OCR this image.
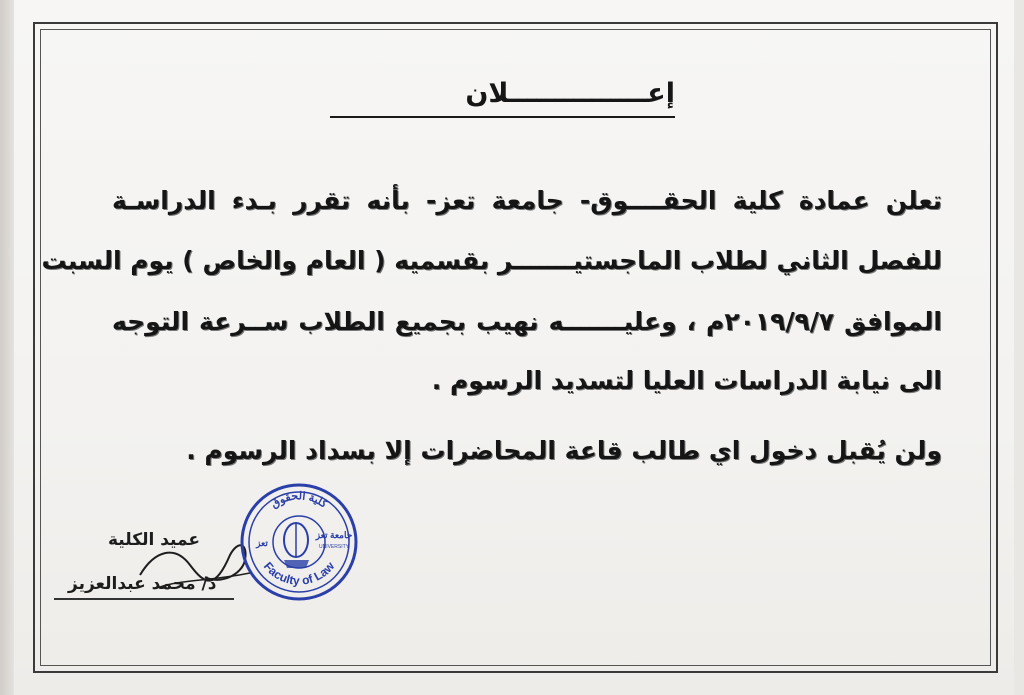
إعـــــــــــــــلان
تعلن عمادة كلية الحقــــوق- جامعة تعز- بأنه تقرر بـدء الدراسـة
للفصل الثاني لطلاب الماجستيـــــــر بقسميه ( العام والخاص ) يوم السبت
الموافق ٢٠١٩/٩/٧م ، وعليـــــــه نهيب بجميع الطلاب ســرعة التوجه
الى نيابة الدراسات العليا لتسديد الرسوم .
ولن يُقبل دخول اي طالب قاعة المحاضرات إلا بسداد الرسوم .
عميد الكلية
د/ محمد عبدالعزيز
كلية الحقوق
Faculty of Law
جامعة تعز
UNIVERSITY
تعز
